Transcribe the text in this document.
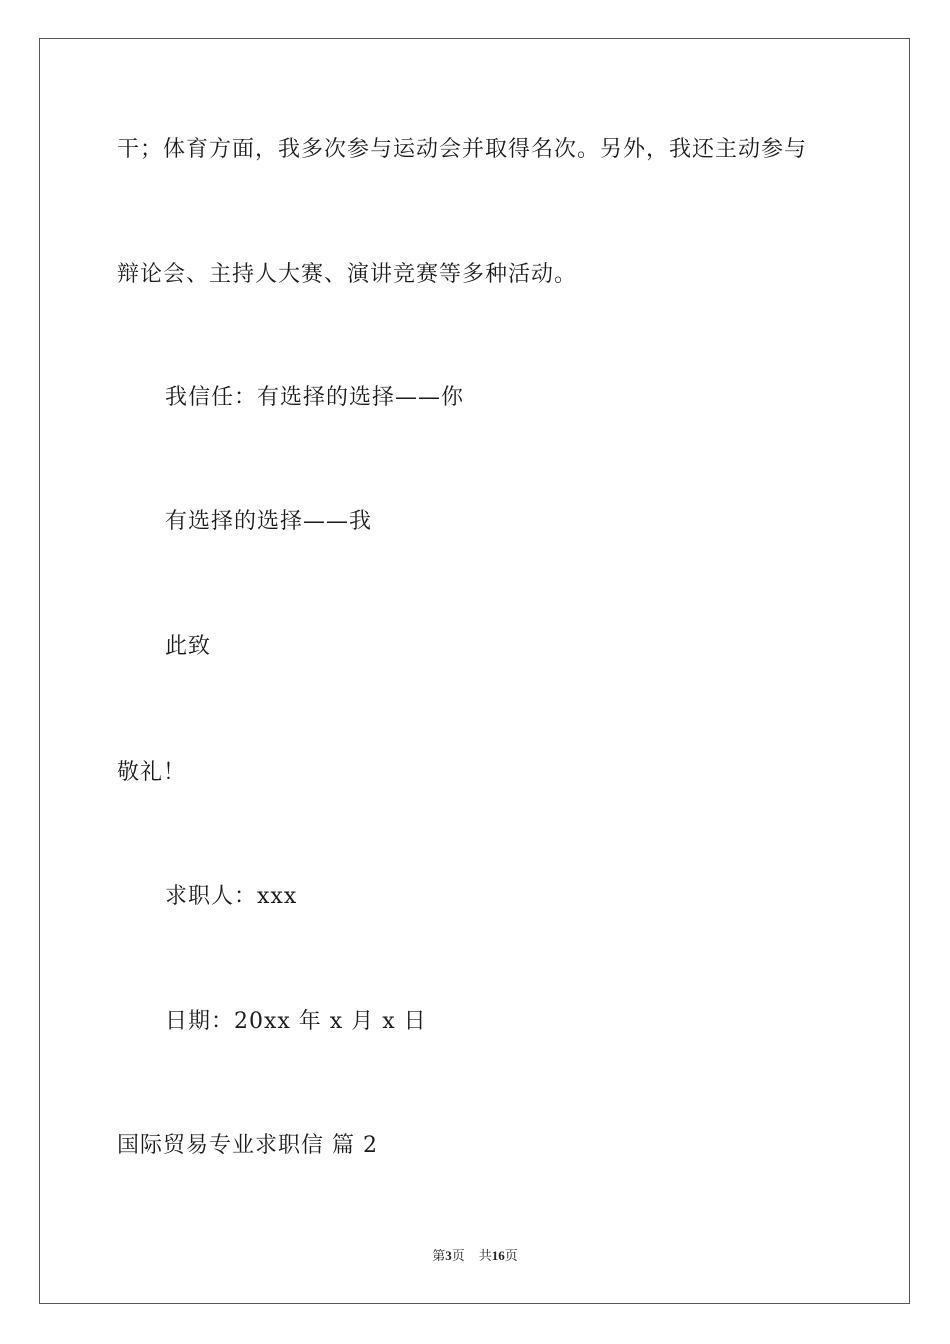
干；体育方面，我多次参与运动会并取得名次。另外，我还主动参与
辩论会、主持人大赛、演讲竞赛等多种活动。
我信任：有选择的选择——你
有选择的选择——我
此致
敬礼！
求职人：xxx
日期：20xx 年 x 月 x 日
国际贸易专业求职信 篇 2
第3页 共16页
